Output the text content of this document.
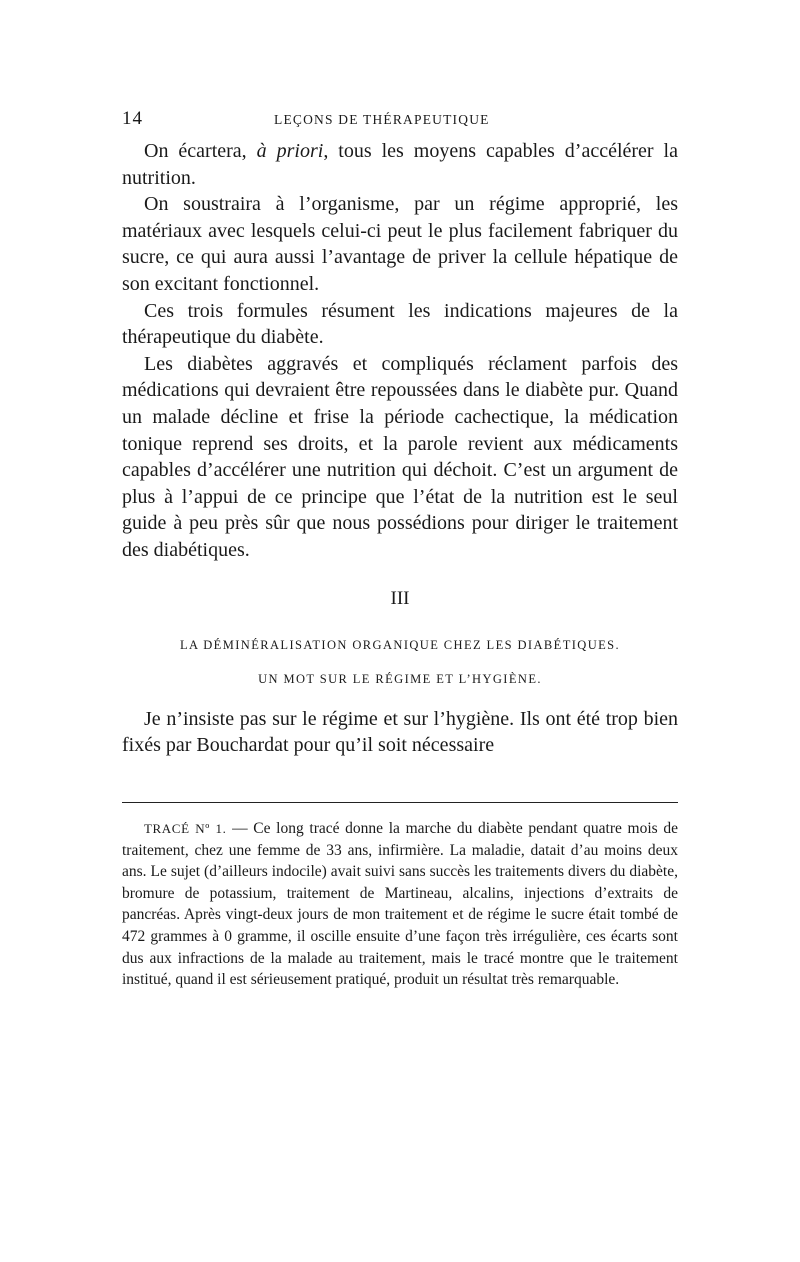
14	LEÇONS DE THÉRAPEUTIQUE

On écartera, à priori, tous les moyens capables d’accélérer la nutrition.

On soustraira à l’organisme, par un régime approprié, les matériaux avec lesquels celui-ci peut le plus facilement fabriquer du sucre, ce qui aura aussi l’avantage de priver la cellule hépatique de son excitant fonctionnel.

Ces trois formules résument les indications majeures de la thérapeutique du diabète.

Les diabètes aggravés et compliqués réclament parfois des médications qui devraient être repoussées dans le diabète pur. Quand un malade décline et frise la période cachectique, la médication tonique reprend ses droits, et la parole revient aux médicaments capables d’accélérer une nutrition qui déchoit. C’est un argument de plus à l’appui de ce principe que l’état de la nutrition est le seul guide à peu près sûr que nous possédions pour diriger le traitement des diabétiques.

III
LA DÉMINÉRALISATION ORGANIQUE CHEZ LES DIABÉTIQUES.
UN MOT SUR LE RÉGIME ET L’HYGIÈNE.

Je n’insiste pas sur le régime et sur l’hygiène. Ils ont été trop bien fixés par Bouchardat pour qu’il soit nécessaire

TRACÉ Nº 1. — Ce long tracé donne la marche du diabète pendant quatre mois de traitement, chez une femme de 33 ans, infirmière. La maladie, datait d’au moins deux ans. Le sujet (d’ailleurs indocile) avait suivi sans succès les traitements divers du diabète, bromure de potassium, traitement de Martineau, alcalins, injections d’extraits de pancréas. Après vingt-deux jours de mon traitement et de régime le sucre était tombé de 472 grammes à 0 gramme, il oscille ensuite d’une façon très irrégulière, ces écarts sont dus aux infractions de la malade au traitement, mais le tracé montre que le traitement institué, quand il est sérieusement pratiqué, produit un résultat très remarquable.
